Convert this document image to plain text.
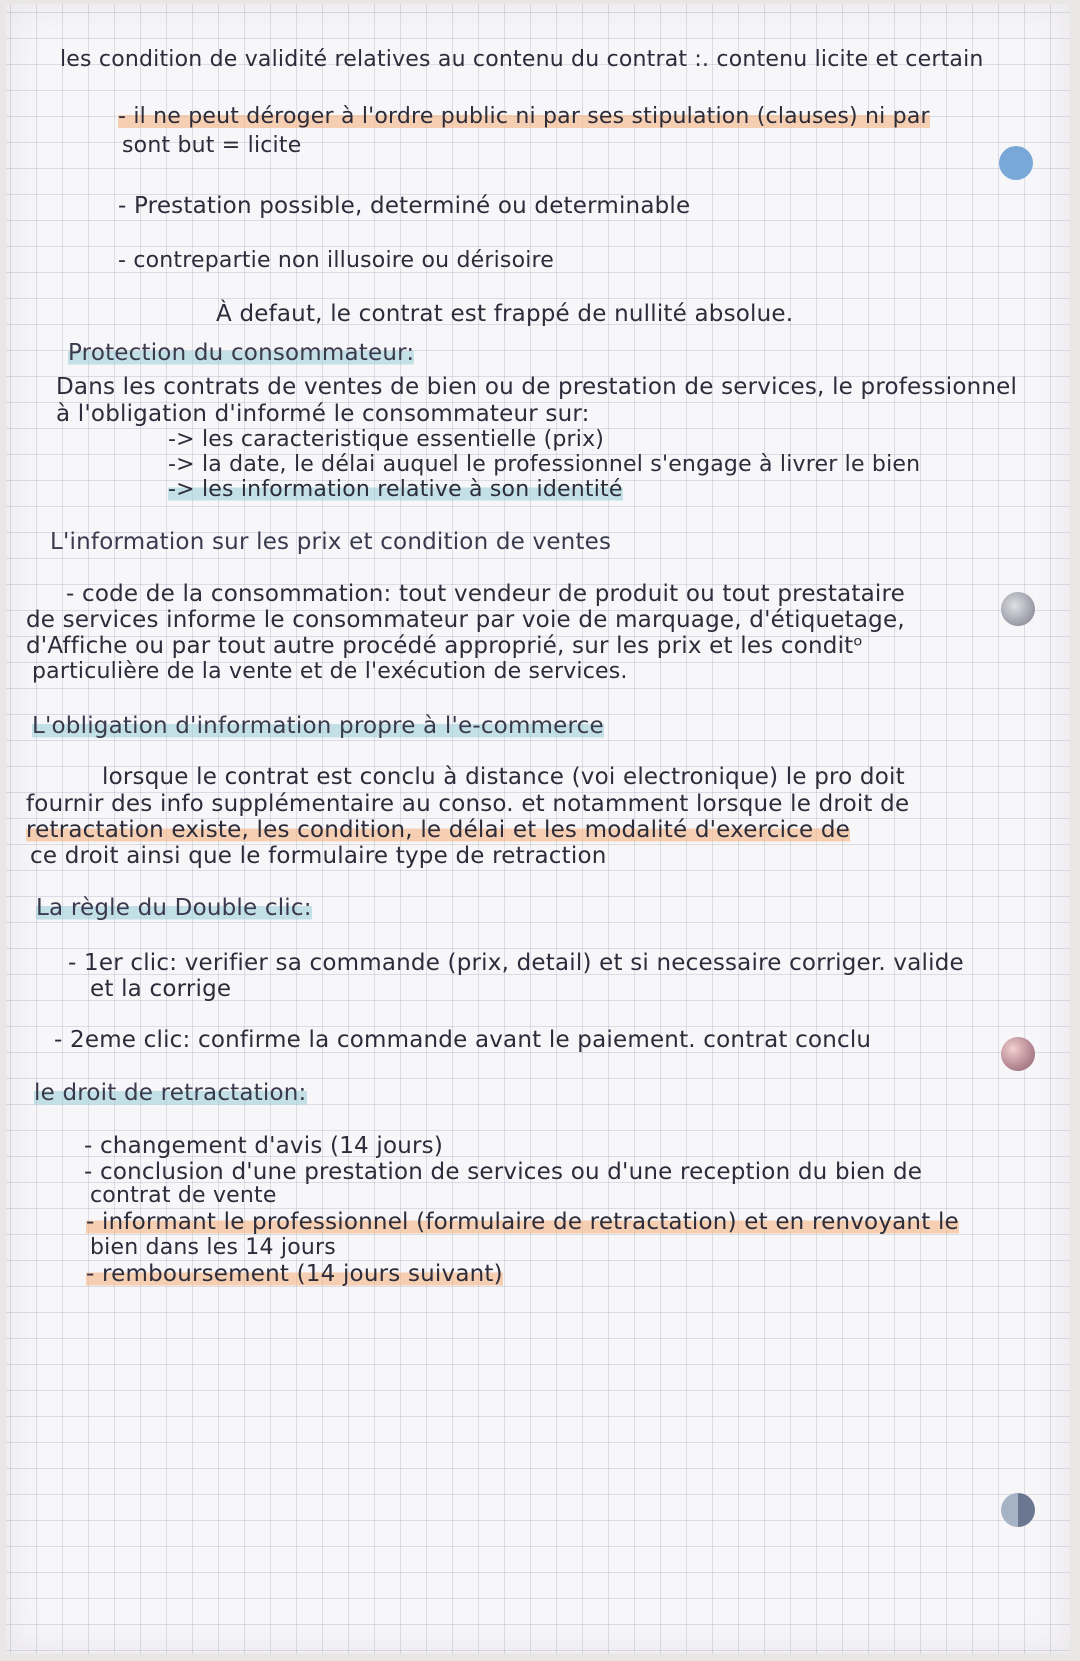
les condition de validité relatives au contenu du contrat :. contenu licite et certain
- il ne peut déroger à l'ordre public ni par ses stipulation (clauses) ni par
sont but = licite
- Prestation possible, determiné ou determinable
- contrepartie non illusoire ou dérisoire
À defaut, le contrat est frappé de nullité absolue.
Protection du consommateur:
Dans les contrats de ventes de bien ou de prestation de services, le professionnel
à l'obligation d'informé le consommateur sur:
-> les caracteristique essentielle (prix)
-> la date, le délai auquel le professionnel s'engage à livrer le bien
-> les information relative à son identité
L'information sur les prix et condition de ventes
- code de la consommation: tout vendeur de produit ou tout prestataire
de services informe le consommateur par voie de marquage, d'étiquetage,
d'Affiche ou par tout autre procédé approprié, sur les prix et les conditᵒ
particulière de la vente et de l'exécution de services.
L'obligation d'information propre à l'e-commerce
lorsque le contrat est conclu à distance (voi electronique) le pro doit
fournir des info supplémentaire au conso. et notamment lorsque le droit de
retractation existe, les condition, le délai et les modalité d'exercice de
ce droit ainsi que le formulaire type de retraction
La règle du Double clic:
- 1er clic: verifier sa commande (prix, detail) et si necessaire corriger. valide
et la corrige
- 2eme clic: confirme la commande avant le paiement. contrat conclu
le droit de retractation:
- changement d'avis (14 jours)
- conclusion d'une prestation de services ou d'une reception du bien de
contrat de vente
- informant le professionnel (formulaire de retractation) et en renvoyant le
bien dans les 14 jours
- remboursement (14 jours suivant)
